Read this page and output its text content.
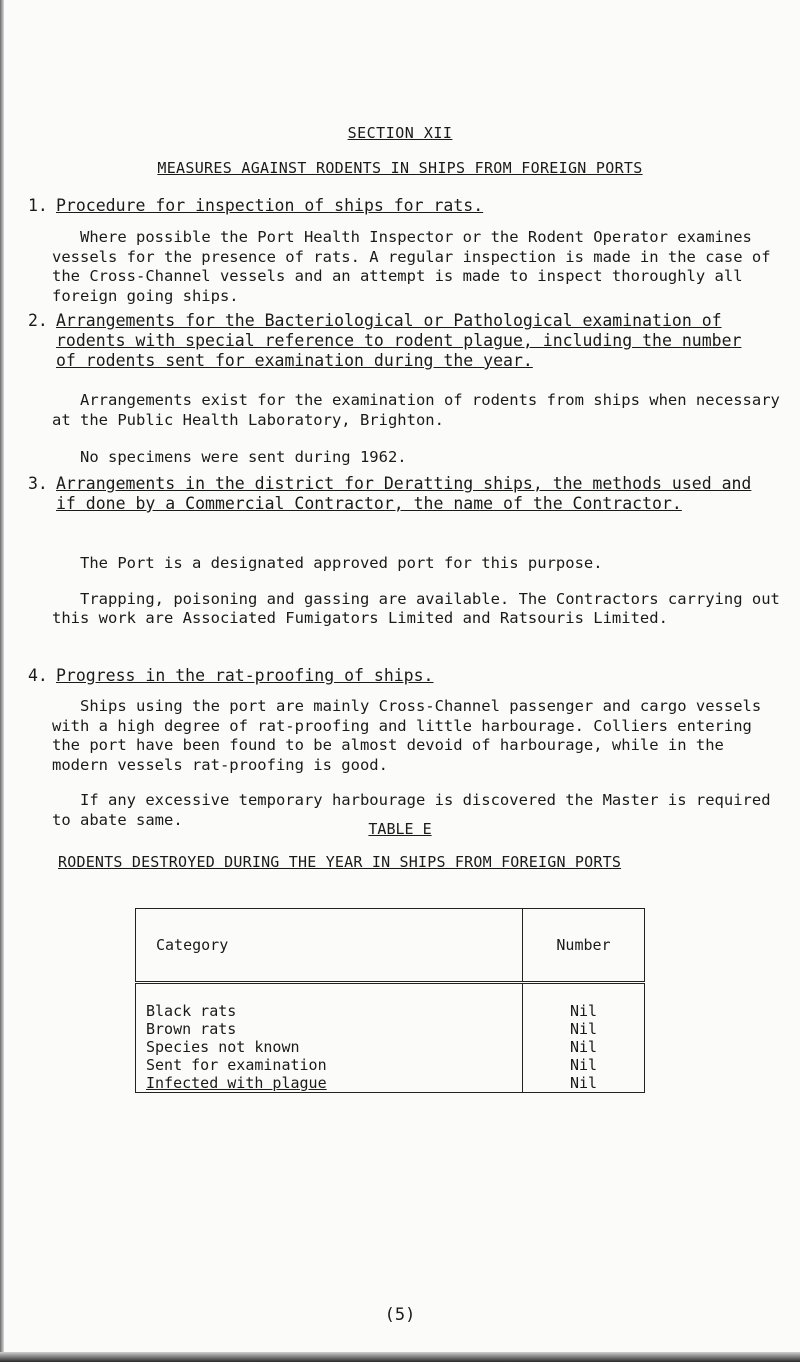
SECTION XII
MEASURES AGAINST RODENTS IN SHIPS FROM FOREIGN PORTS
1. Procedure for inspection of ships for rats.

Where possible the Port Health Inspector or the Rodent Operator examines vessels for the presence of rats. A regular inspection is made in the case of the Cross-Channel vessels and an attempt is made to inspect thoroughly all foreign going ships.

2. Arrangements for the Bacteriological or Pathological examination of rodents with special reference to rodent plague, including the number of rodents sent for examination during the year.

Arrangements exist for the examination of rodents from ships when necessary at the Public Health Laboratory, Brighton.

No specimens were sent during 1962.

3. Arrangements in the district for Deratting ships, the methods used and if done by a Commercial Contractor, the name of the Contractor.

The Port is a designated approved port for this purpose.

Trapping, poisoning and gassing are available. The Contractors carrying out this work are Associated Fumigators Limited and Ratsouris Limited.

4. Progress in the rat-proofing of ships.

Ships using the port are mainly Cross-Channel passenger and cargo vessels with a high degree of rat-proofing and little harbourage. Colliers entering the port have been found to be almost devoid of harbourage, while in the modern vessels rat-proofing is good.

If any excessive temporary harbourage is discovered the Master is required to abate same.

TABLE E
RODENTS DESTROYED DURING THE YEAR IN SHIPS FROM FOREIGN PORTS
Category	Number
Black rats	Nil
Brown rats	Nil
Species not known	Nil
Sent for examination	Nil
Infected with plague	Nil
(5)
